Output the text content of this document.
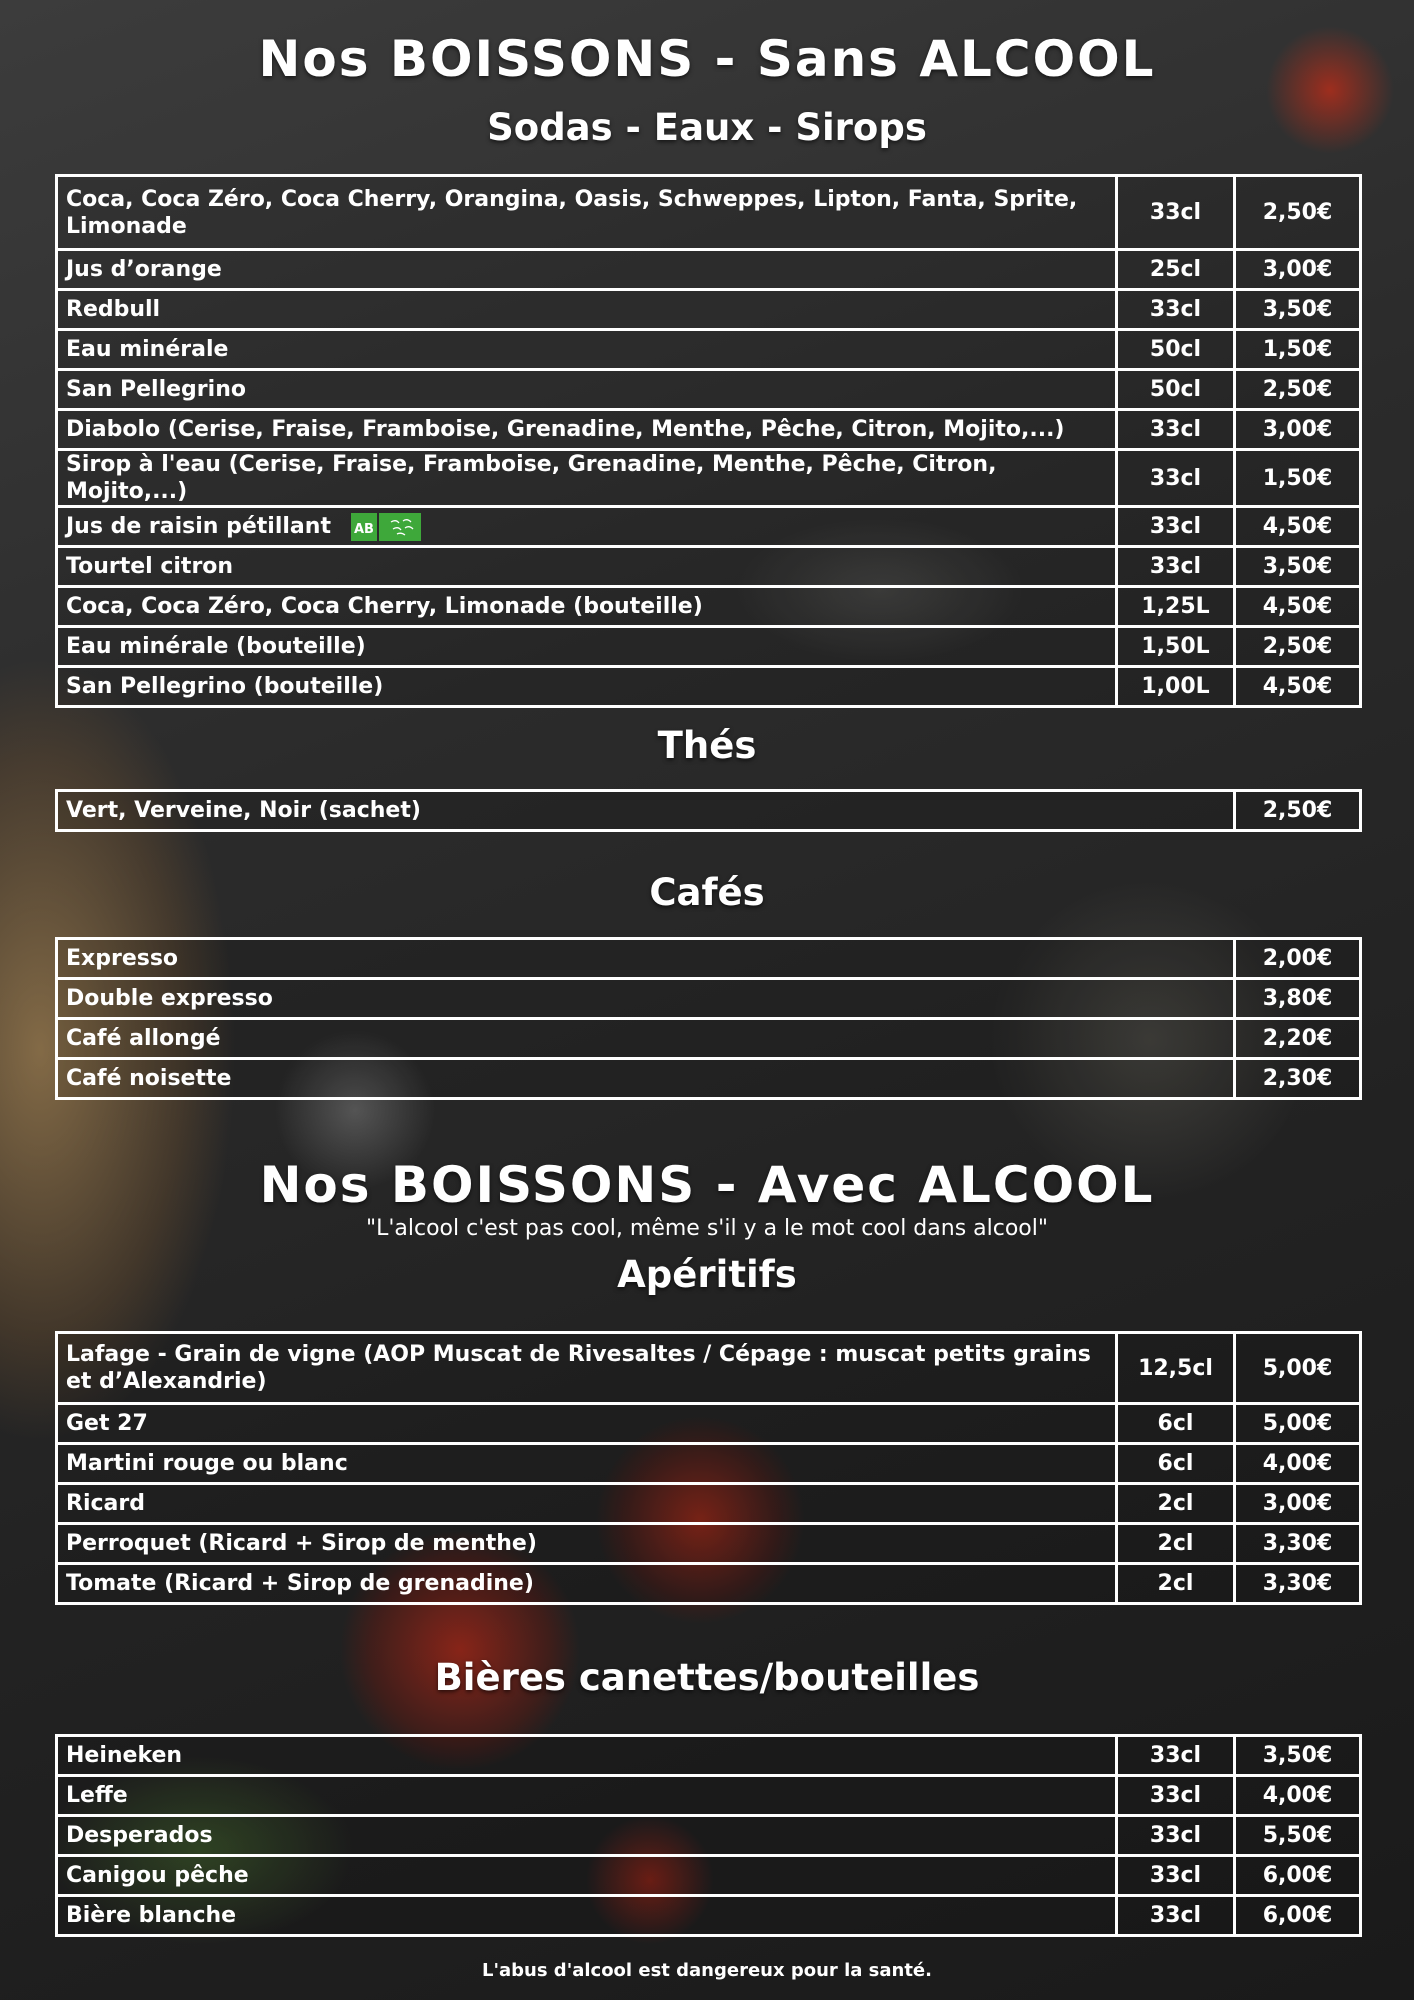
Nos BOISSONS - Sans ALCOOL
Sodas - Eaux - Sirops
Coca, Coca Zéro, Coca Cherry, Orangina, Oasis, Schweppes, Lipton, Fanta, Sprite, Limonade	33cl	2,50€
Jus d’orange	25cl	3,00€
Redbull	33cl	3,50€
Eau minérale	50cl	1,50€
San Pellegrino	50cl	2,50€
Diabolo (Cerise, Fraise, Framboise, Grenadine, Menthe, Pêche, Citron, Mojito,...)	33cl	3,00€
Sirop à l'eau (Cerise, Fraise, Framboise, Grenadine, Menthe, Pêche, Citron, Mojito,...)	33cl	1,50€
Jus de raisin pétillant AB	33cl	4,50€
Tourtel citron	33cl	3,50€
Coca, Coca Zéro, Coca Cherry, Limonade (bouteille)	1,25L	4,50€
Eau minérale (bouteille)	1,50L	2,50€
San Pellegrino (bouteille)	1,00L	4,50€
Thés
Vert, Verveine, Noir (sachet)	2,50€
Cafés
Expresso	2,00€
Double expresso	3,80€
Café allongé	2,20€
Café noisette	2,30€
Nos BOISSONS - Avec ALCOOL
"L'alcool c'est pas cool, même s'il y a le mot cool dans alcool"
Apéritifs
Lafage - Grain de vigne (AOP Muscat de Rivesaltes / Cépage : muscat petits grains et d’Alexandrie)	12,5cl	5,00€
Get 27	6cl	5,00€
Martini rouge ou blanc	6cl	4,00€
Ricard	2cl	3,00€
Perroquet (Ricard + Sirop de menthe)	2cl	3,30€
Tomate (Ricard + Sirop de grenadine)	2cl	3,30€
Bières canettes/bouteilles
Heineken	33cl	3,50€
Leffe	33cl	4,00€
Desperados	33cl	5,50€
Canigou pêche	33cl	6,00€
Bière blanche	33cl	6,00€
L'abus d'alcool est dangereux pour la santé.
